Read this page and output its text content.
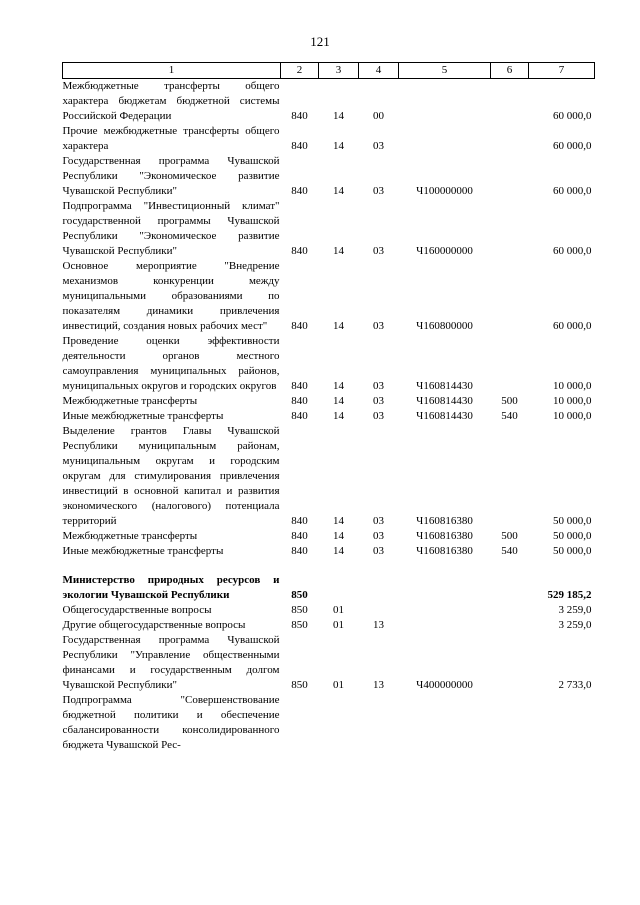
121
1	2	3	4	5	6	7
Межбюджетные трансферты общего характера бюджетам бюджетной системы Российской Федерации	840	14	00			60 000,0
Прочие межбюджетные трансферты общего характера	840	14	03			60 000,0
Государственная программа Чувашской Республики "Экономическое развитие Чувашской Республики"	840	14	03	Ч100000000		60 000,0
Подпрограмма "Инвестиционный климат" государственной программы Чувашской Республики "Экономическое развитие Чувашской Республики"	840	14	03	Ч160000000		60 000,0
Основное мероприятие "Внедрение механизмов конкуренции между муниципальными образованиями по показателям динамики привлечения инвестиций, создания новых рабочих мест"	840	14	03	Ч160800000		60 000,0
Проведение оценки эффективности деятельности органов местного самоуправления муниципальных районов, муниципальных округов и городских округов	840	14	03	Ч160814430		10 000,0
Межбюджетные трансферты	840	14	03	Ч160814430	500	10 000,0
Иные межбюджетные трансферты	840	14	03	Ч160814430	540	10 000,0
Выделение грантов Главы Чувашской Республики муниципальным районам, муниципальным округам и городским округам для стимулирования привлечения инвестиций в основной капитал и развития экономического (налогового) потенциала территорий	840	14	03	Ч160816380		50 000,0
Межбюджетные трансферты	840	14	03	Ч160816380	500	50 000,0
Иные межбюджетные трансферты	840	14	03	Ч160816380	540	50 000,0

Министерство природных ресурсов и экологии Чувашской Республики	850					529 185,2
Общегосударственные вопросы	850	01				3 259,0
Другие общегосударственные вопросы	850	01	13			3 259,0
Государственная программа Чувашской Республики "Управление общественными финансами и государственным долгом Чувашской Республики"	850	01	13	Ч400000000		2 733,0
Подпрограмма "Совершенствование бюджетной политики и обеспечение сбалансированности консолидированного бюджета Чувашской Рес-						
